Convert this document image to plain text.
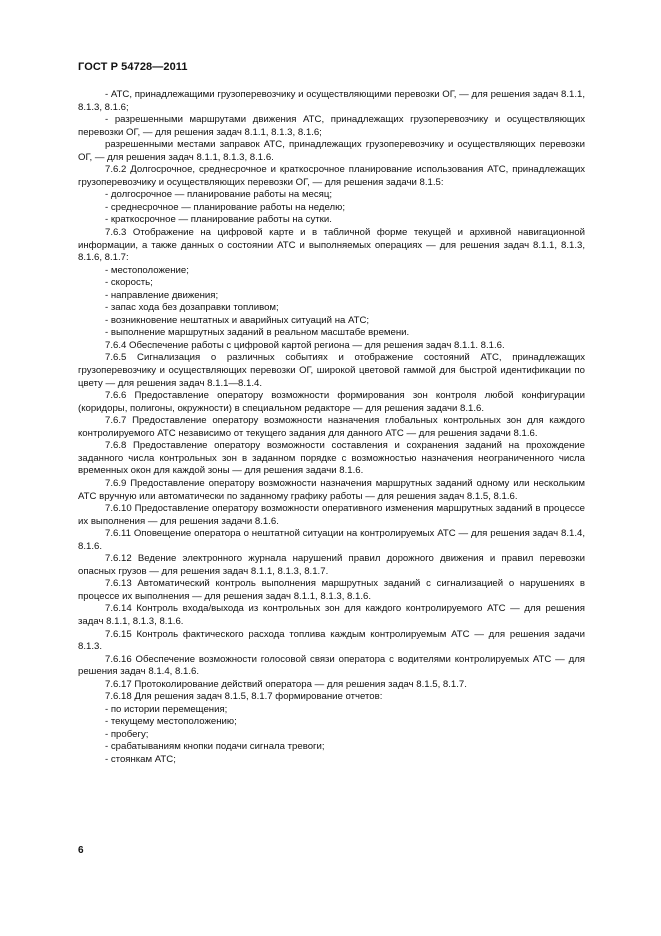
ГОСТ Р 54728—2011

- АТС, принадлежащими грузоперевозчику и осуществляющими перевозки ОГ, — для решения задач 8.1.1, 8.1.3, 8.1.6;

- разрешенными маршрутами движения АТС, принадлежащих грузоперевозчику и осуществляющих перевозки ОГ, — для решения задач 8.1.1, 8.1.3, 8.1.6;

разрешенными местами заправок АТС, принадлежащих грузоперевозчику и осуществляющих перевозки ОГ, — для решения задач 8.1.1, 8.1.3, 8.1.6.

7.6.2 Долгосрочное, среднесрочное и краткосрочное планирование использования АТС, принадлежащих грузоперевозчику и осуществляющих перевозки ОГ, — для решения задачи 8.1.5:

- долгосрочное — планирование работы на месяц;

- среднесрочное — планирование работы на неделю;

- краткосрочное — планирование работы на сутки.

7.6.3 Отображение на цифровой карте и в табличной форме текущей и архивной навигационной информации, а также данных о состоянии АТС и выполняемых операциях — для решения задач 8.1.1, 8.1.3, 8.1.6, 8.1.7:

- местоположение;

- скорость;

- направление движения;

- запас хода без дозаправки топливом;

- возникновение нештатных и аварийных ситуаций на АТС;

- выполнение маршрутных заданий в реальном масштабе времени.

7.6.4 Обеспечение работы с цифровой картой региона — для решения задач 8.1.1. 8.1.6.

7.6.5 Сигнализация о различных событиях и отображение состояний АТС, принадлежащих грузоперевозчику и осуществляющих перевозки ОГ, широкой цветовой гаммой для быстрой идентификации по цвету — для решения задач 8.1.1—8.1.4.

7.6.6 Предоставление оператору возможности формирования зон контроля любой конфигурации (коридоры, полигоны, окружности) в специальном редакторе — для решения задачи 8.1.6.

7.6.7 Предоставление оператору возможности назначения глобальных контрольных зон для каждого контролируемого АТС независимо от текущего задания для данного АТС — для решения задачи 8.1.6.

7.6.8 Предоставление оператору возможности составления и сохранения заданий на прохождение заданного числа контрольных зон в заданном порядке с возможностью назначения неограниченного числа временных окон для каждой зоны — для решения задачи 8.1.6.

7.6.9 Предоставление оператору возможности назначения маршрутных заданий одному или нескольким АТС вручную или автоматически по заданному графику работы — для решения задач 8.1.5, 8.1.6.

7.6.10 Предоставление оператору возможности оперативного изменения маршрутных заданий в процессе их выполнения — для решения задачи 8.1.6.

7.6.11 Оповещение оператора о нештатной ситуации на контролируемых АТС — для решения задач 8.1.4, 8.1.6.

7.6.12 Ведение электронного журнала нарушений правил дорожного движения и правил перевозки опасных грузов — для решения задач 8.1.1, 8.1.3, 8.1.7.

7.6.13 Автоматический контроль выполнения маршрутных заданий с сигнализацией о нарушениях в процессе их выполнения — для решения задач 8.1.1, 8.1.3, 8.1.6.

7.6.14 Контроль входа/выхода из контрольных зон для каждого контролируемого АТС — для решения задач 8.1.1, 8.1.3, 8.1.6.

7.6.15 Контроль фактического расхода топлива каждым контролируемым АТС — для решения задачи 8.1.3.

7.6.16 Обеспечение возможности голосовой связи оператора с водителями контролируемых АТС — для решения задач 8.1.4, 8.1.6.

7.6.17 Протоколирование действий оператора — для решения задач 8.1.5, 8.1.7.

7.6.18 Для решения задач 8.1.5, 8.1.7 формирование отчетов:

- по истории перемещения;

- текущему местоположению;

- пробегу;

- срабатываниям кнопки подачи сигнала тревоги;

- стоянкам АТС;

6
